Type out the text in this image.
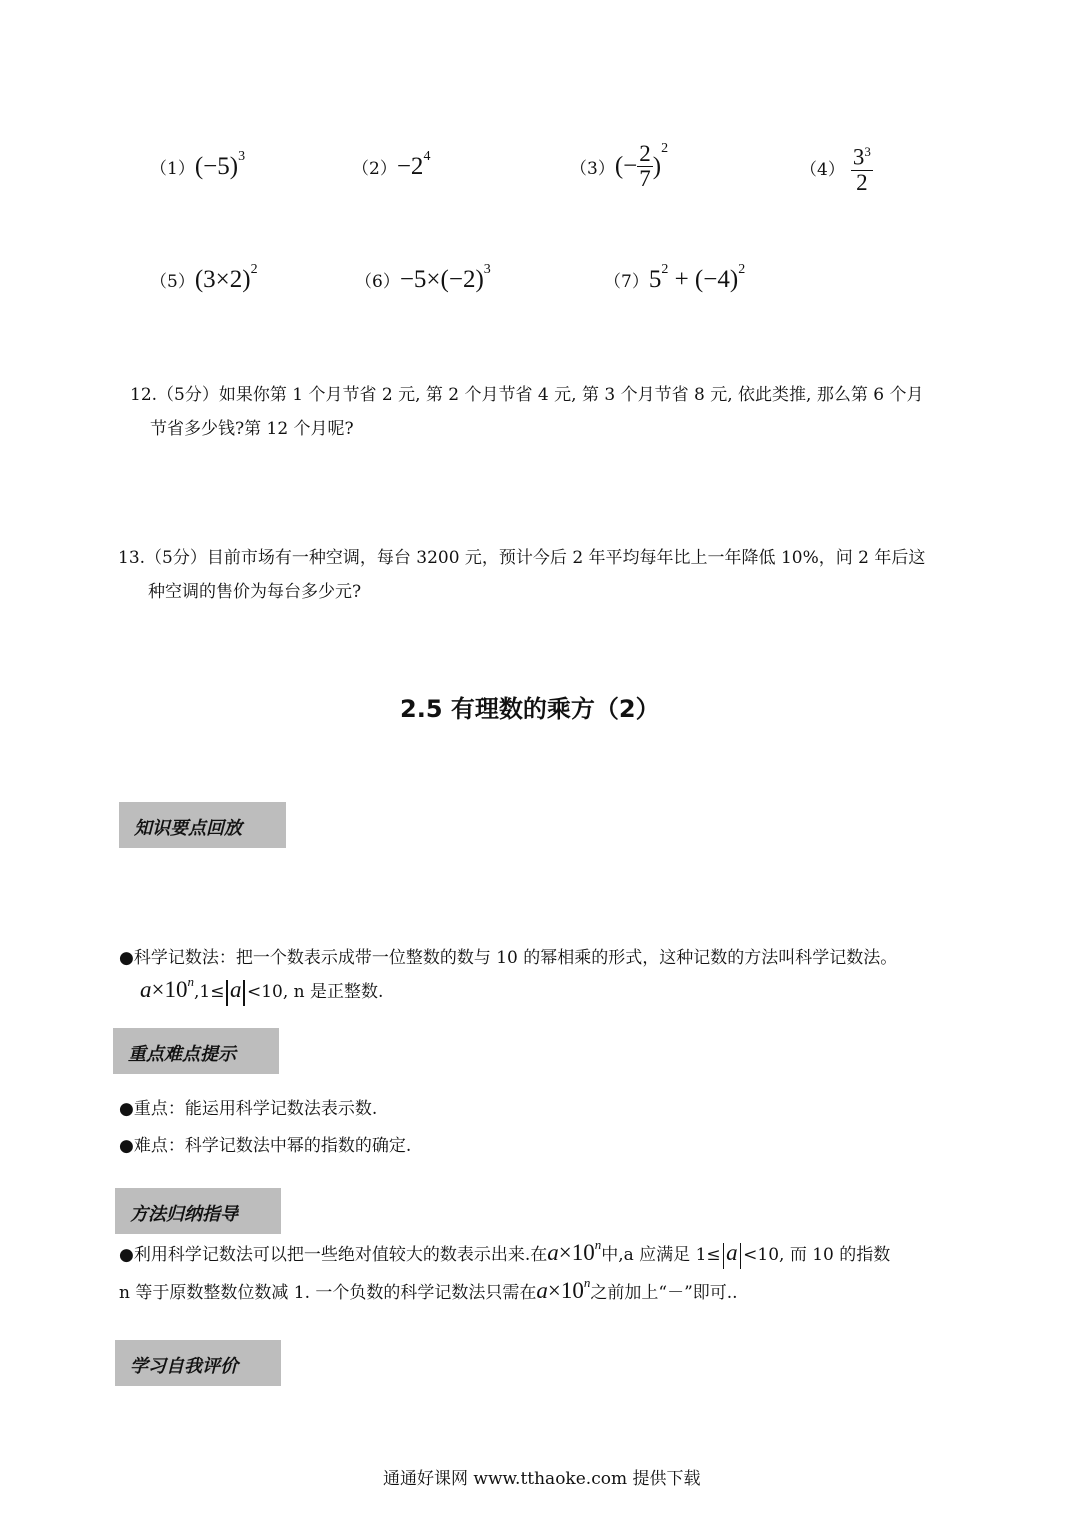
$(1)(-5)^3$
$(2)-2^4$
$(3)(- \frac{2}{7} )^2$
$(4) \frac{3^3}{2}$
$(5)(3\times 2)^2$
$(6)-5\times(-2)^3$
$(7)5^2 + (-4)^2$
12.（5分）如果你第 1 个月节省 2 元, 第 2 个月节省 4 元, 第 3 个月节省 8 元, 依此类推, 那么第 6 个月
节省多少钱?第 12 个月呢?
13.（5分）目前市场有一种空调，每台 3200 元，预计今后 2 年平均每年比上一年降低 10%，问 2 年后这
种空调的售价为每台多少元?
2.5 有理数的乘方（2）
知识要点回放
●科学记数法：把一个数表示成带一位整数的数与 10 的幂相乘的形式，这种记数的方法叫科学记数法。
$a\times 10^n,1\le a <10$, n 是正整数.
重点难点提示
●重点：能运用科学记数法表示数.
●难点：科学记数法中幂的指数的确定.
方法归纳指导
●利用科学记数法可以把一些绝对值较大的数表示出来.在$a\times 10^n$中,a 应满足 1≤ a <10, 而 10 的指数
n 等于原数整数位数减 1. 一个负数的科学记数法只需在$a\times 10^n$之前加上“－”即可..
学习自我评价
通通好课网 www.tthaoke.com 提供下载
